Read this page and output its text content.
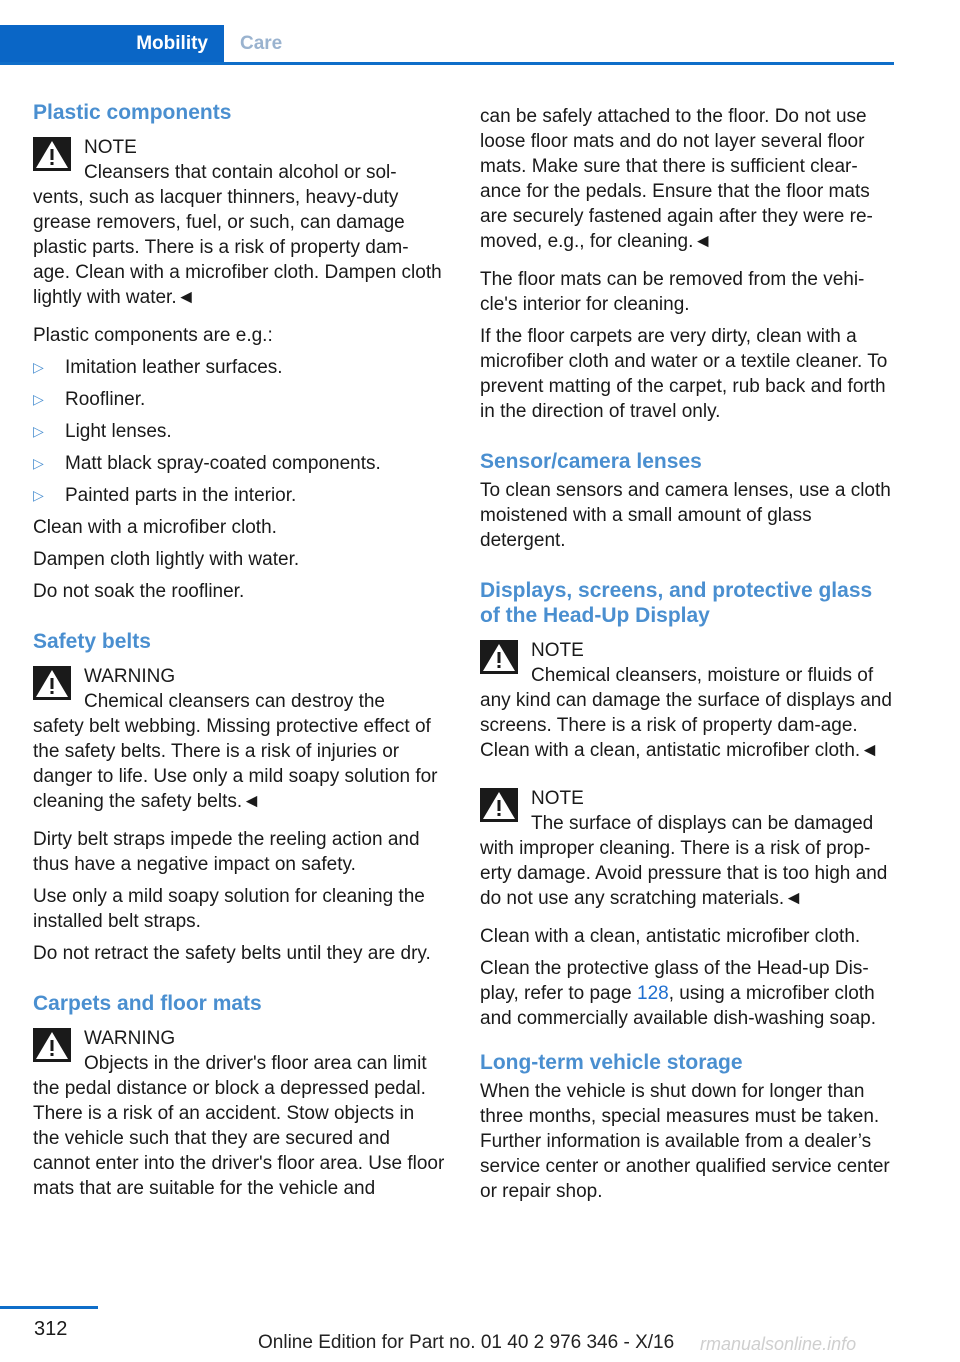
Mobility	Care
Plastic components
NOTE
Cleansers that contain alcohol or sol-
vents, such as lacquer thinners, heavy-duty grease removers, fuel, or such, can damage plastic parts. There is a risk of property dam-age. Clean with a microfiber cloth. Dampen cloth lightly with water.◄
Plastic components are e.g.:
▷ Imitation leather surfaces.
▷ Roofliner.
▷ Light lenses.
▷ Matt black spray-coated components.
▷ Painted parts in the interior.
Clean with a microfiber cloth.
Dampen cloth lightly with water.
Do not soak the roofliner.
Safety belts
WARNING
Chemical cleansers can destroy the
safety belt webbing. Missing protective effect of the safety belts. There is a risk of injuries or danger to life. Use only a mild soapy solution for cleaning the safety belts.◄
Dirty belt straps impede the reeling action and thus have a negative impact on safety.
Use only a mild soapy solution for cleaning the installed belt straps.
Do not retract the safety belts until they are dry.
Carpets and floor mats
WARNING
Objects in the driver's floor area can limit
the pedal distance or block a depressed pedal. There is a risk of an accident. Stow objects in the vehicle such that they are secured and cannot enter into the driver's floor area. Use floor mats that are suitable for the vehicle and
can be safely attached to the floor. Do not use loose floor mats and do not layer several floor mats. Make sure that there is sufficient clear-ance for the pedals. Ensure that the floor mats are securely fastened again after they were re-moved, e.g., for cleaning.◄
The floor mats can be removed from the vehi-cle's interior for cleaning.
If the floor carpets are very dirty, clean with a microfiber cloth and water or a textile cleaner. To prevent matting of the carpet, rub back and forth in the direction of travel only.
Sensor/camera lenses
To clean sensors and camera lenses, use a cloth moistened with a small amount of glass detergent.
Displays, screens, and protective glass of the Head-Up Display
NOTE
Chemical cleansers, moisture or fluids of
any kind can damage the surface of displays and screens. There is a risk of property dam-age. Clean with a clean, antistatic microfiber cloth.◄
NOTE
The surface of displays can be damaged
with improper cleaning. There is a risk of prop-erty damage. Avoid pressure that is too high and do not use any scratching materials.◄
Clean with a clean, antistatic microfiber cloth.
Clean the protective glass of the Head-up Dis-play, refer to page 128, using a microfiber cloth and commercially available dish-washing soap.
Long-term vehicle storage
When the vehicle is shut down for longer than three months, special measures must be taken. Further information is available from a dealer’s service center or another qualified service center or repair shop.
312
Online Edition for Part no. 01 40 2 976 346 - X/16 rmanualsonline.info
